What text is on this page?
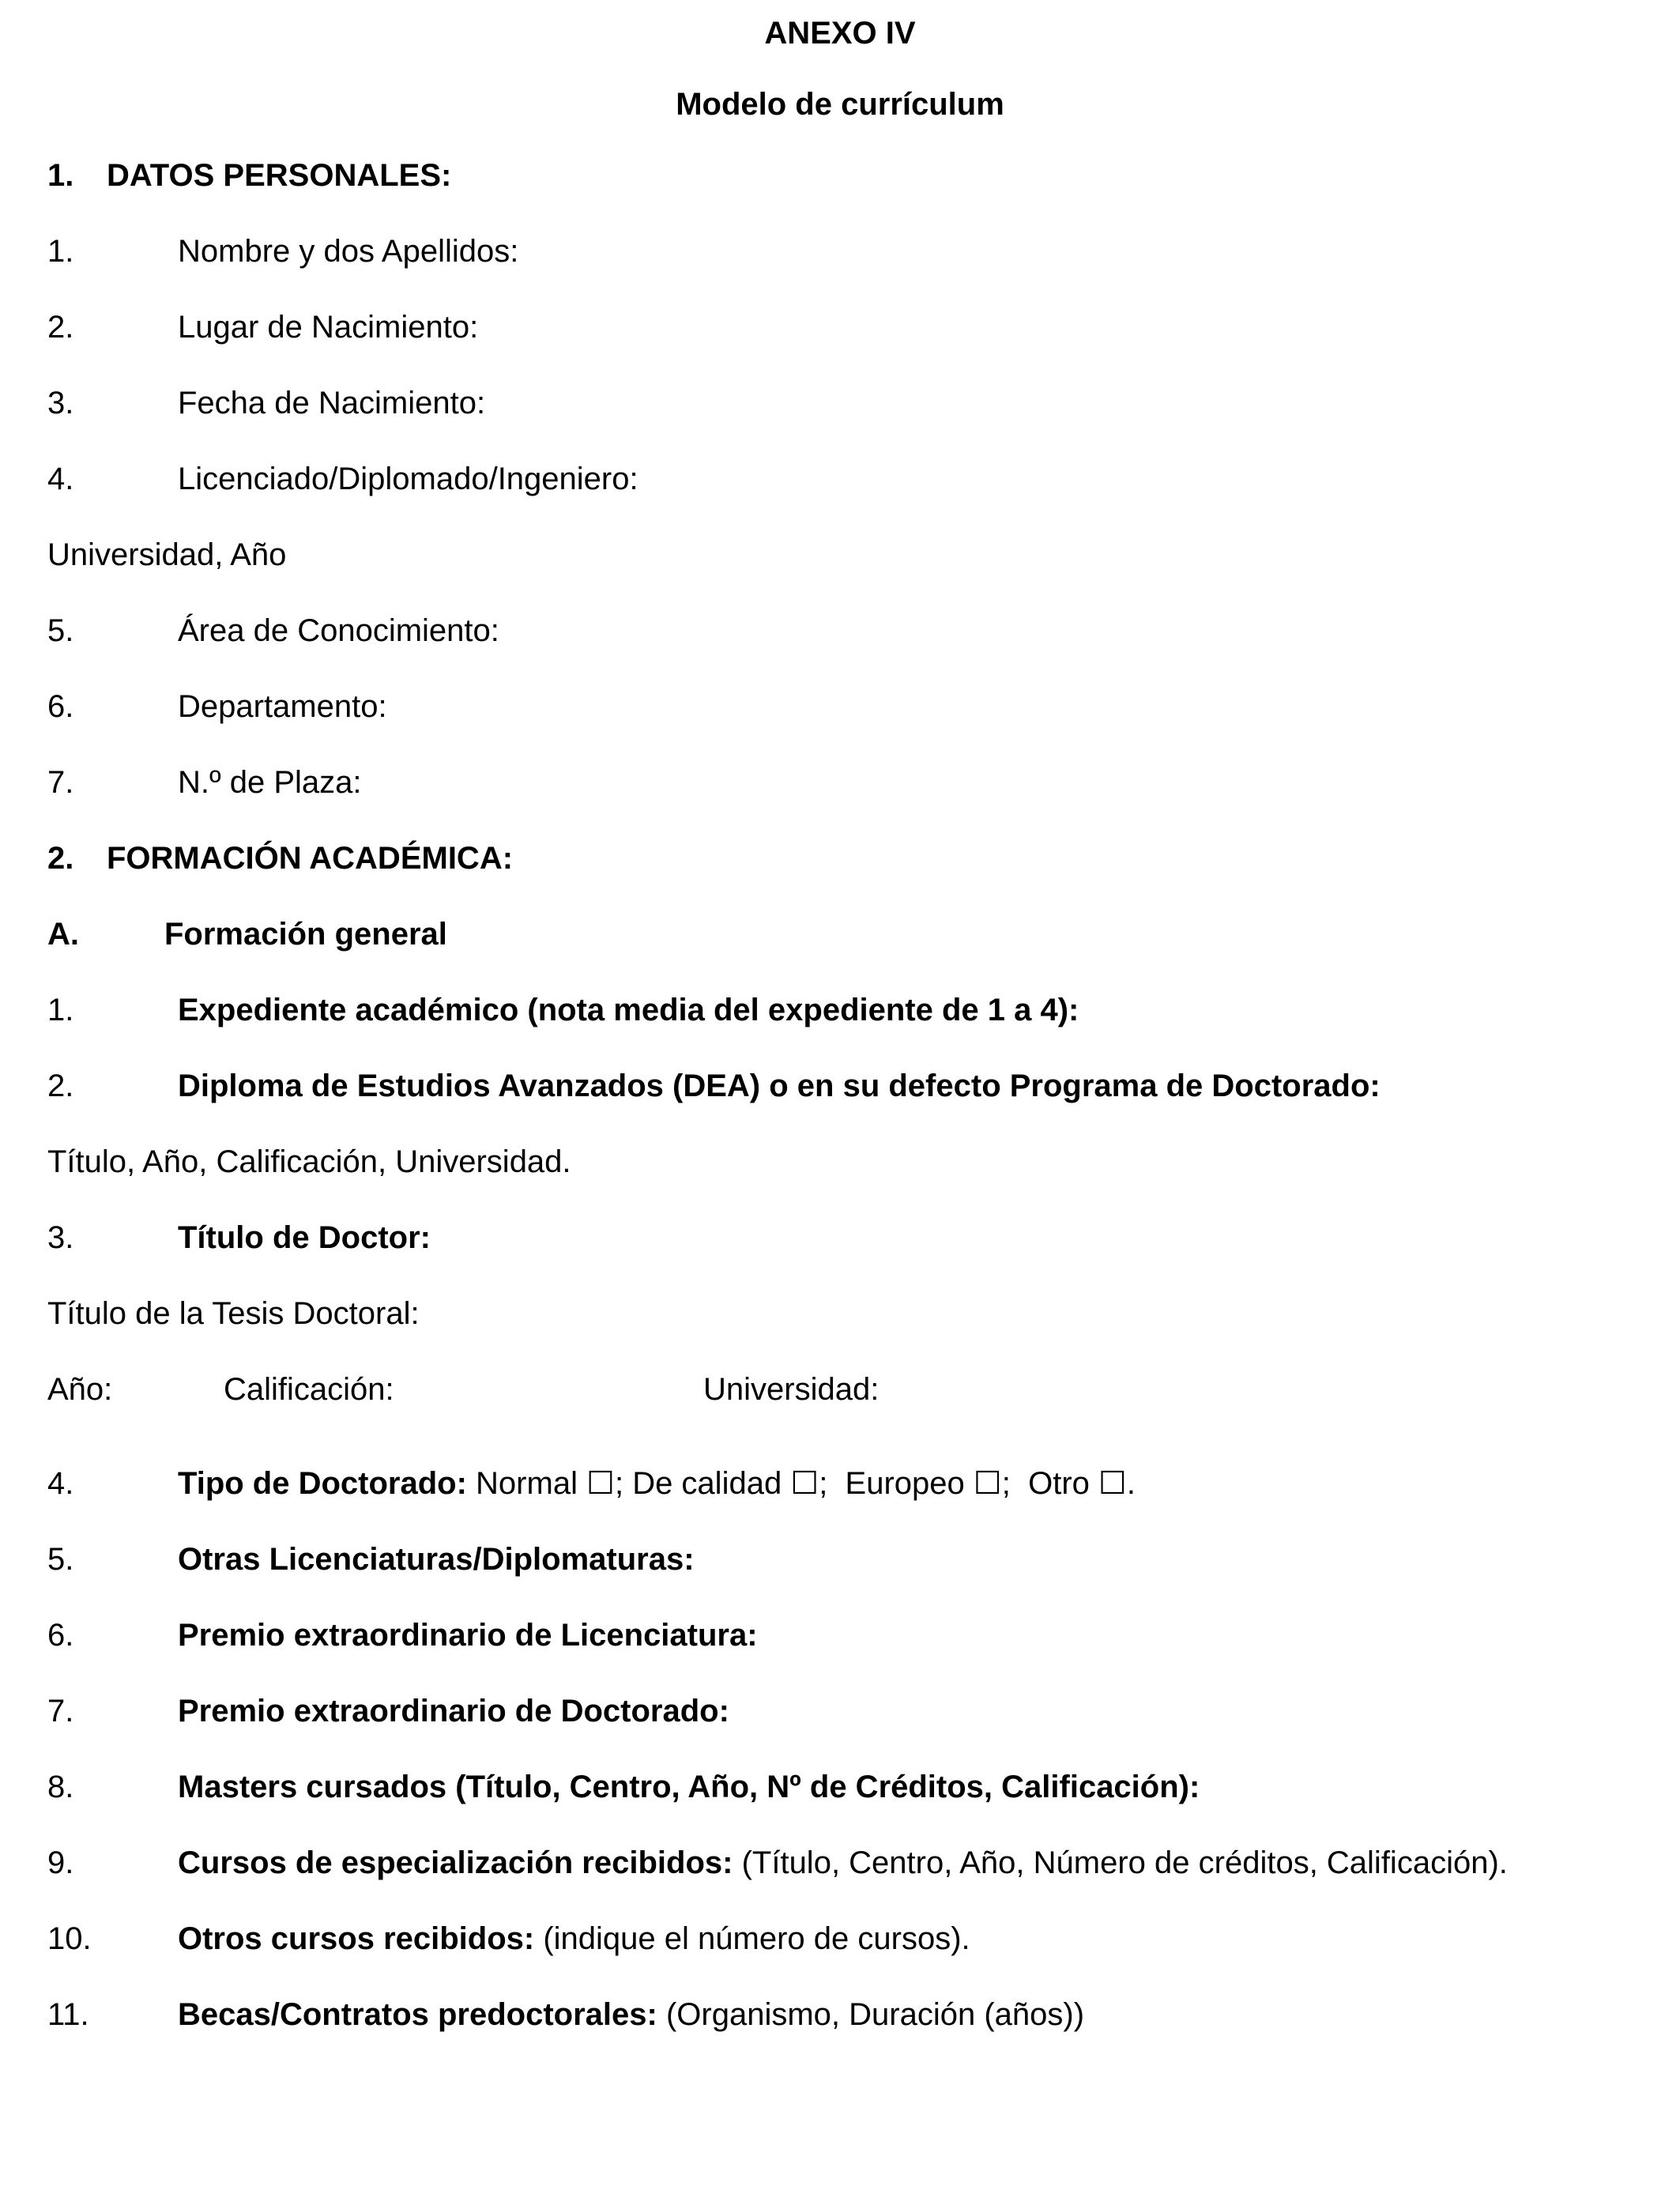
ANEXO IV
Modelo de currículum
1. DATOS PERSONALES:
1.	Nombre y dos Apellidos:
2.	Lugar de Nacimiento:
3.	Fecha de Nacimiento:
4.	Licenciado/Diplomado/Ingeniero:
Universidad, Año
5.	Área de Conocimiento:
6.	Departamento:
7.	N.º de Plaza:
2. FORMACIÓN ACADÉMICA:
A.	Formación general
1.	Expediente académico (nota media del expediente de 1 a 4):
2.	Diploma de Estudios Avanzados (DEA) o en su defecto Programa de Doctorado:
Título, Año, Calificación, Universidad.
3.	Título de Doctor:
Título de la Tesis Doctoral:
Año:	Calificación:	Universidad:
4.	Tipo de Doctorado: Normal ☐; De calidad ☐; Europeo ☐; Otro ☐.
5.	Otras Licenciaturas/Diplomaturas:
6.	Premio extraordinario de Licenciatura:
7.	Premio extraordinario de Doctorado:
8.	Masters cursados (Título, Centro, Año, Nº de Créditos, Calificación):
9.	Cursos de especialización recibidos: (Título, Centro, Año, Número de créditos, Calificación).
10.	Otros cursos recibidos: (indique el número de cursos).
11.	Becas/Contratos predoctorales: (Organismo, Duración (años))
